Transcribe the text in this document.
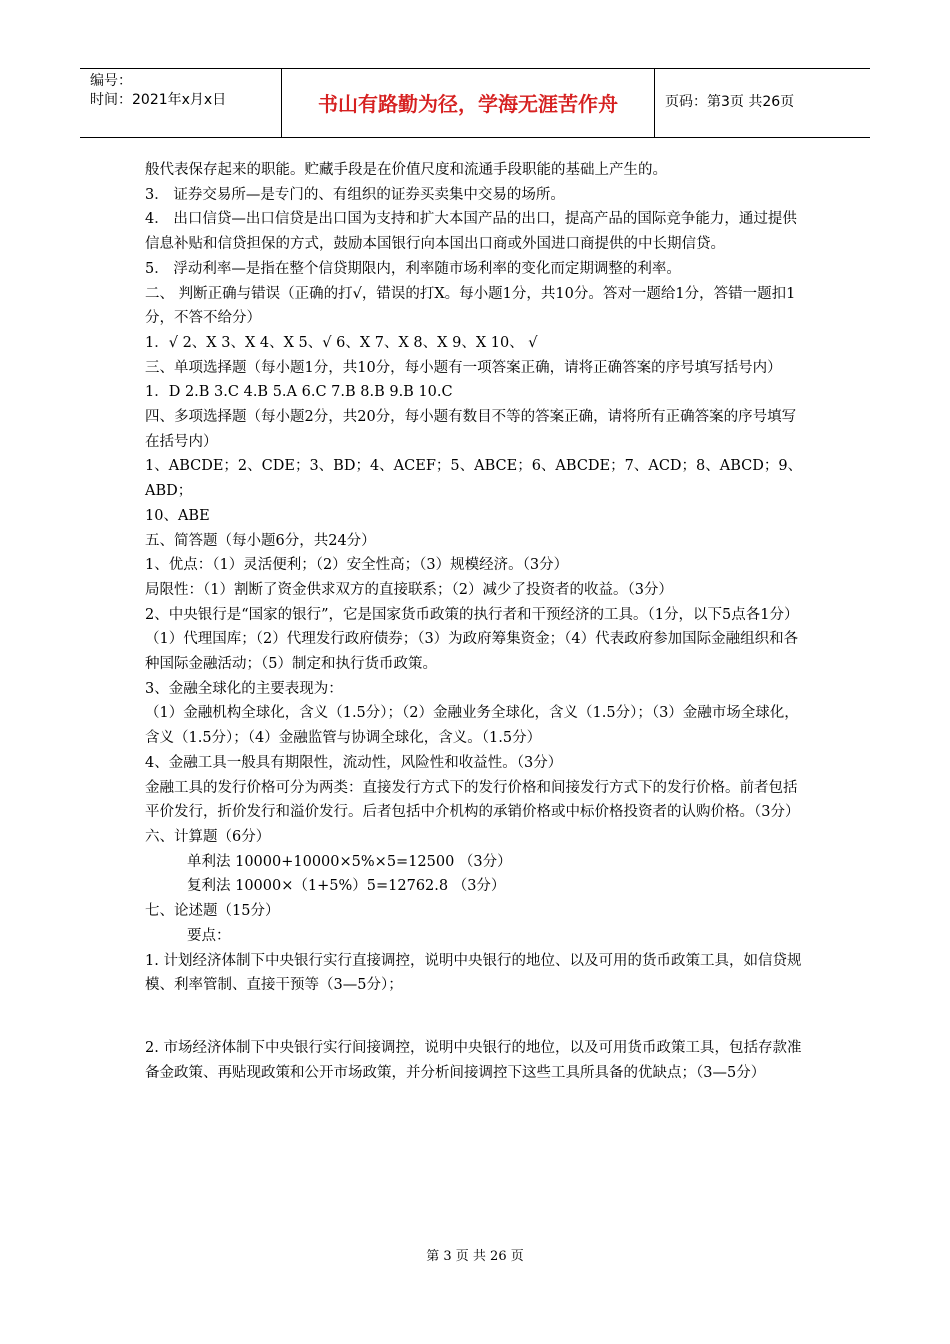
编号：
时间：2021年x月x日	书山有路勤为径，学海无涯苦作舟	页码：第3页 共26页

般代表保存起来的职能。贮藏手段是在价值尺度和流通手段职能的基础上产生的。

3． 证券交易所—是专门的、有组织的证券买卖集中交易的场所。

4． 出口信贷—出口信贷是出口国为支持和扩大本国产品的出口，提高产品的国际竞争能力，通过提供信息补贴和信贷担保的方式，鼓励本国银行向本国出口商或外国进口商提供的中长期信贷。

5． 浮动利率—是指在整个信贷期限内，利率随市场利率的变化而定期调整的利率。

二、 判断正确与错误（正确的打√，错误的打X。每小题1分，共10分。答对一题给1分，答错一题扣1分，不答不给分）

1．√ 2、X 3、X 4、X 5、√ 6、X 7、X 8、X 9、X 10、 √

三、单项选择题（每小题1分，共10分，每小题有一项答案正确，请将正确答案的序号填写括号内）

1．D 2.B 3.C 4.B 5.A 6.C 7.B 8.B 9.B 10.C

四、多项选择题（每小题2分，共20分，每小题有数目不等的答案正确，请将所有正确答案的序号填写在括号内）

1、ABCDE；2、CDE；3、BD；4、ACEF；5、ABCE；6、ABCDE；7、ACD；8、ABCD；9、ABD；

10、ABE

五、简答题（每小题6分，共24分）

1、优点：（1）灵活便利；（2）安全性高；（3）规模经济。（3分）

局限性：（1）割断了资金供求双方的直接联系；（2）减少了投资者的收益。（3分）

2、中央银行是“国家的银行”，它是国家货币政策的执行者和干预经济的工具。（1分，以下5点各1分）

（1）代理国库；（2）代理发行政府债券；（3）为政府筹集资金；（4）代表政府参加国际金融组织和各种国际金融活动；（5）制定和执行货币政策。

3、金融全球化的主要表现为：

（1）金融机构全球化，含义（1.5分）；（2）金融业务全球化，含义（1.5分）；（3）金融市场全球化，含义（1.5分）；（4）金融监管与协调全球化，含义。（1.5分）

4、金融工具一般具有期限性，流动性，风险性和收益性。（3分）

金融工具的发行价格可分为两类：直接发行方式下的发行价格和间接发行方式下的发行价格。前者包括平价发行，折价发行和溢价发行。后者包括中介机构的承销价格或中标价格投资者的认购价格。（3分）

六、计算题（6分）

单利法 10000+10000×5%×5=12500 （3分）

复利法 10000×（1+5%）5=12762.8 （3分）

七、论述题（15分）

要点：

1. 计划经济体制下中央银行实行直接调控，说明中央银行的地位、以及可用的货币政策工具，如信贷规模、利率管制、直接干预等（3—5分）；

2. 市场经济体制下中央银行实行间接调控，说明中央银行的地位，以及可用货币政策工具，包括存款准备金政策、再贴现政策和公开市场政策，并分析间接调控下这些工具所具备的优缺点；（3—5分）

第 3 页 共 26 页
